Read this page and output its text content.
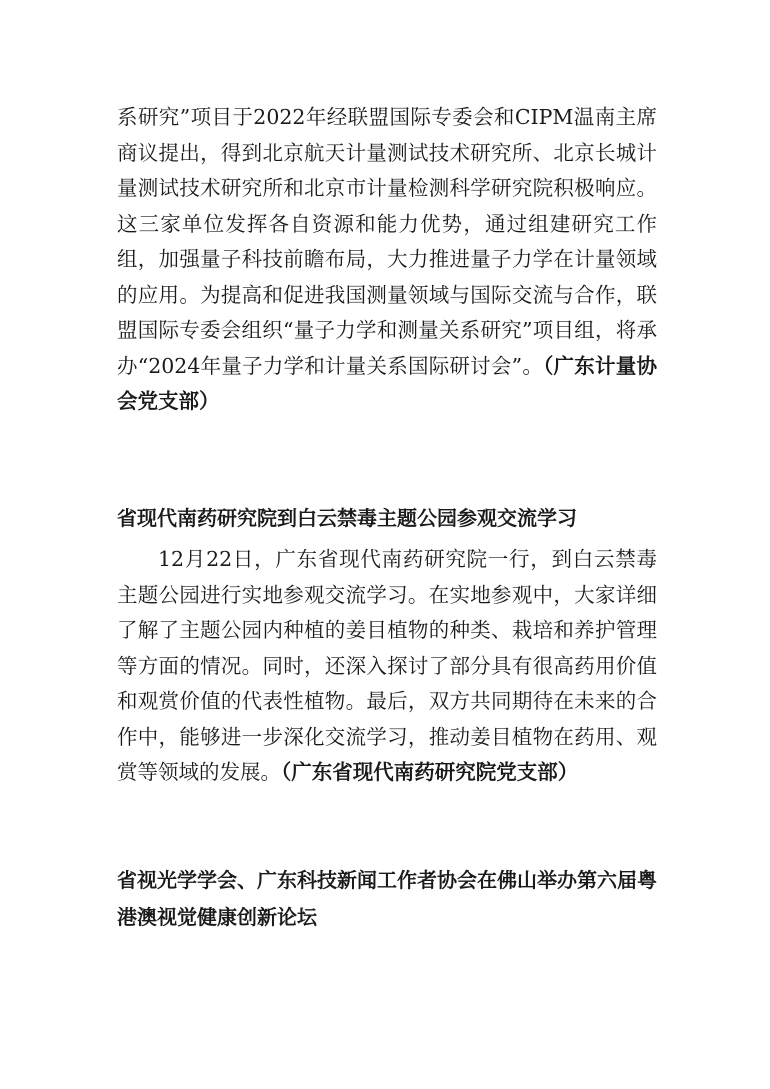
系研究”项目于2022年经联盟国际专委会和CIPM温南主席商议提出，得到北京航天计量测试技术研究所、北京长城计量测试技术研究所和北京市计量检测科学研究院积极响应。这三家单位发挥各自资源和能力优势，通过组建研究工作组，加强量子科技前瞻布局，大力推进量子力学在计量领域的应用。为提高和促进我国测量领域与国际交流与合作，联盟国际专委会组织“量子力学和测量关系研究”项目组，将承办“2024年量子力学和计量关系国际研讨会”。（广东计量协会党支部）

省现代南药研究院到白云禁毒主题公园参观交流学习

12月22日，广东省现代南药研究院一行，到白云禁毒主题公园进行实地参观交流学习。在实地参观中，大家详细了解了主题公园内种植的姜目植物的种类、栽培和养护管理等方面的情况。同时，还深入探讨了部分具有很高药用价值和观赏价值的代表性植物。最后，双方共同期待在未来的合作中，能够进一步深化交流学习，推动姜目植物在药用、观赏等领域的发展。（广东省现代南药研究院党支部）

省视光学学会、广东科技新闻工作者协会在佛山举办第六届粤港澳视觉健康创新论坛
